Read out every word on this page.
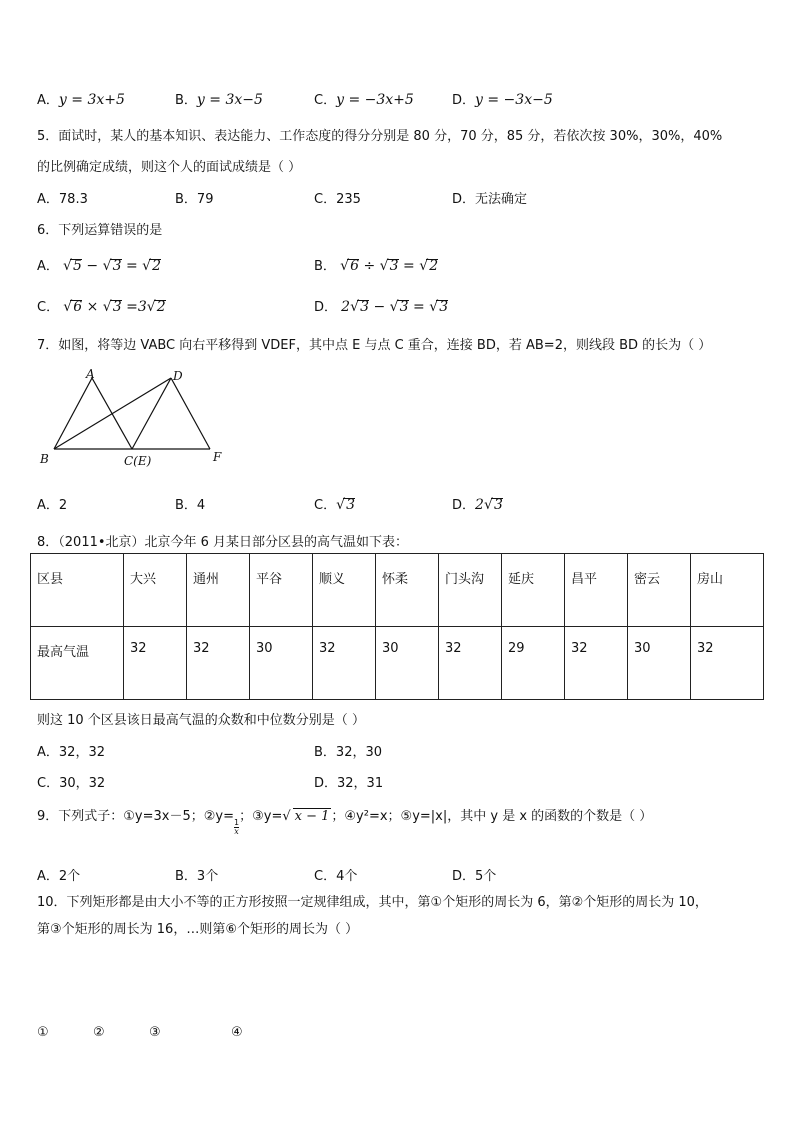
A．y = 3x+5	B．y = 3x−5	C．y = −3x+5	D．y = −3x−5
5．面试时，某人的基本知识、表达能力、工作态度的得分分别是 80 分，70 分，85 分，若依次按 30%，30%，40%
的比例确定成绩，则这个人的面试成绩是（ ）
A．78.3	B．79	C．235	D．无法确定
6．下列运算错误的是
A． √ 5 − √ 3 = √ 2	B． √ 6 ÷ √ 3 = √ 2
C． √ 6 × √ 3 =3 √ 2	D． 2 √ 3 − √ 3 = √ 3
7．如图，将等边 VABC 向右平移得到 VDEF，其中点 E 与点 C 重合，连接 BD，若 AB=2，则线段 BD 的长为（ ）
A
B	C(E)
D
F
A．2	B．4	C． √ 3	D．2 √ 3
8．（2011•北京）北京今年 6 月某日部分区县的高气温如下表：
区县	大兴	通州	平谷	顺义	怀柔	门头沟	延庆	昌平	密云	房山
最高气温	32	32	30	32	30	32	29	32	30	32
则这 10 个区县该日最高气温的众数和中位数分别是（ ）
A．32，32	B．32，30
C．30，32	D．32，31
9．下列式子：①y=3x－5；②y=
$\frac{1}{x}$
；③y=√ x − 1 ；④y²=x；⑤y=|x|，其中 y 是 x 的函数的个数是（ ）
A．2个	B．3个	C．4个	D．5个
10．下列矩形都是由大小不等的正方形按照一定规律组成，其中，第①个矩形的周长为 6，第②个矩形的周长为 10，
第③个矩形的周长为 16，…则第⑥个矩形的周长为（ ）
①	②	③	④
